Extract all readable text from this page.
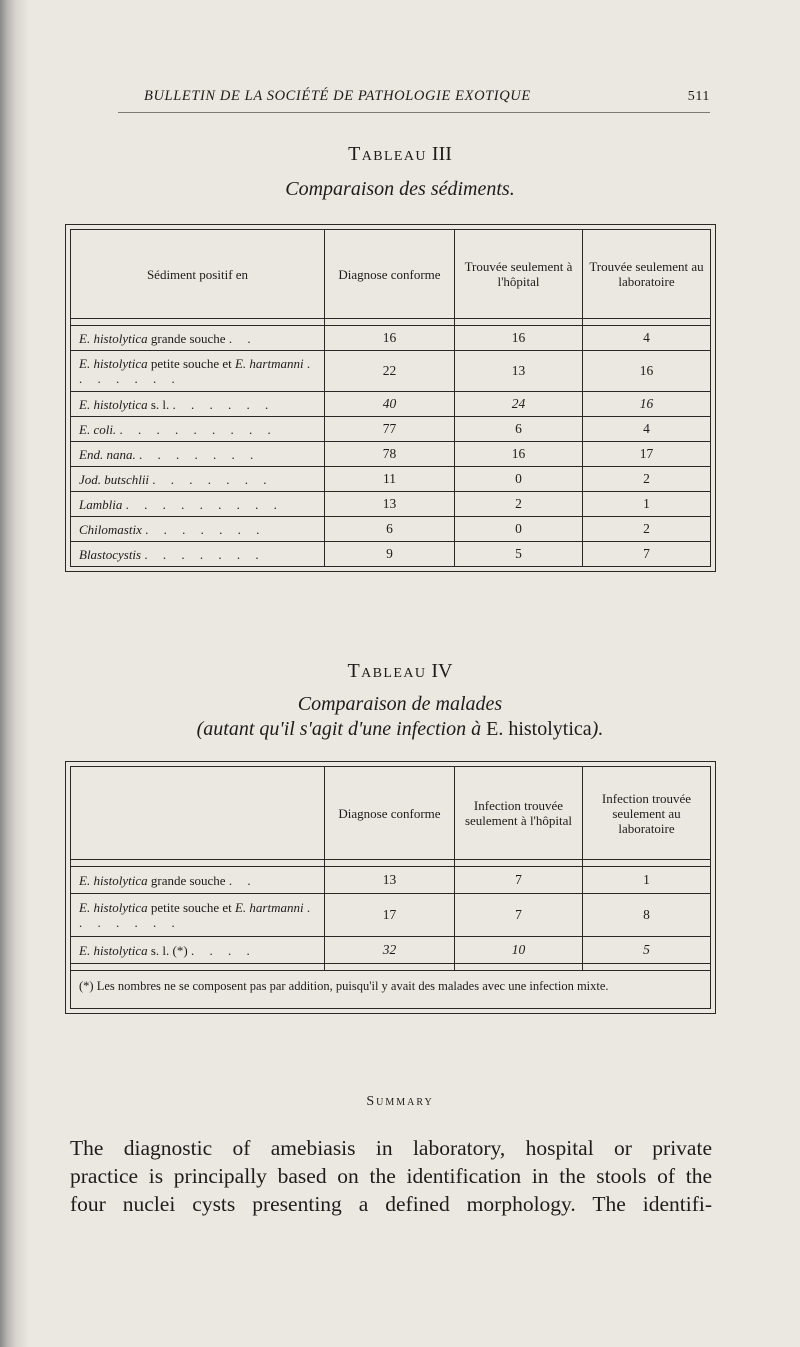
BULLETIN DE LA SOCIÉTÉ DE PATHOLOGIE EXOTIQUE	511
Tableau III
Comparaison des sédiments.
Sédiment positif en	Diagnose conforme	Trouvée seulement à l'hôpital	Trouvée seulement au laboratoire

E. histolytica grande souche . .	16	16	4
E. histolytica petite souche et E. hartmanni . . . . . . .	22	13	16
E. histolytica s. l. . . . . . .	40	24	16
E. coli. . . . . . . . . .	77	6	4
End. nana. . . . . . . .	78	16	17
Jod. butschlii . . . . . . .	11	0	2
Lamblia . . . . . . . . .	13	2	1
Chilomastix . . . . . . .	6	0	2
Blastocystis . . . . . . .	9	5	7
Tableau IV
Comparaison de malades
(autant qu'il s'agit d'une infection à E. histolytica).
	Diagnose conforme	Infection trouvée seulement à l'hôpital	Infection trouvée seulement au laboratoire

E. histolytica grande souche . .	13	7	1
E. histolytica petite souche et E. hartmanni . . . . . . .	17	7	8
E. histolytica s. l. (*) . . . .	32	10	5

(*) Les nombres ne se composent pas par addition, puisqu'il y avait des malades avec une infection mixte.			
Summary
The diagnostic of amebiasis in laboratory, hospital or private
practice is principally based on the identification in the stools of the
four nuclei cysts presenting a defined morphology. The identifi-
